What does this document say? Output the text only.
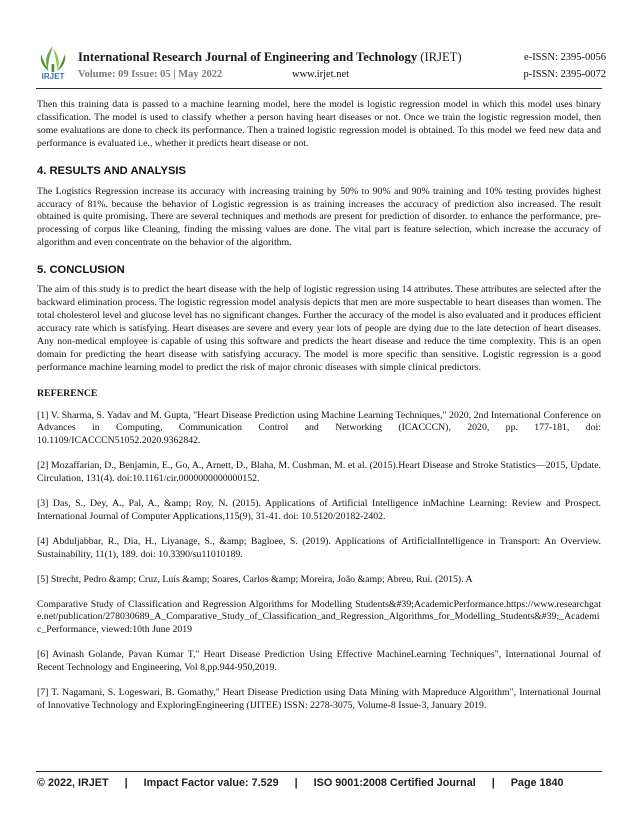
IRJET
International Research Journal of Engineering and Technology (IRJET)	e-ISSN: 2395-0056
Volume: 09 Issue: 05 | May 2022	www.irjet.net	p-ISSN: 2395-0072

Then this training data is passed to a machine learning model, here the model is logistic regression model in which this model uses binary classification. The model is used to classify whether a person having heart diseases or not. Once we train the logistic regression model, then some evaluations are done to check its performance. Then a trained logistic regression model is obtained. To this model we feed new data and performance is evaluated i.e., whether it predicts heart disease or not.

4. RESULTS AND ANALYSIS

The Logistics Regression increase its accuracy with increasing training by 50% to 90% and 90% training and 10% testing provides highest accuracy of 81%. because the behavior of Logistic regression is as training increases the accuracy of prediction also increased. The result obtained is quite promising. There are several techniques and methods are present for prediction of disorder. to enhance the performance, pre-processing of corpus like Cleaning, finding the missing values are done. The vital part is feature selection, which increase the accuracy of algorithm and even concentrate on the behavior of the algorithm.

5. CONCLUSION

The aim of this study is to predict the heart disease with the help of logistic regression using 14 attributes. These attributes are selected after the backward elimination process. The logistic regression model analysis depicts that men are more suspectable to heart diseases than women. The total cholesterol level and glucose level has no significant changes. Further the accuracy of the model is also evaluated and it produces efficient accuracy rate which is satisfying. Heart diseases are severe and every year lots of people are dying due to the late detection of heart diseases. Any non-medical employee is capable of using this software and predicts the heart disease and reduce the time complexity. This is an open domain for predicting the heart disease with satisfying accuracy. The model is more specific than sensitive. Logistic regression is a good performance machine learning model to predict the risk of major chronic diseases with simple clinical predictors.

REFERENCE

[1] V. Sharma, S. Yadav and M. Gupta, "Heart Disease Prediction using Machine Learning Techniques," 2020, 2nd International Conference on Advances in Computing, Communication Control and Networking (ICACCCN), 2020, pp. 177-181, doi: 10.1109/ICACCCN51052.2020.9362842.

[2] Mozaffarian, D., Benjamin, E., Go, A., Arnett, D., Blaha, M. Cushman, M. et al. (2015).Heart Disease and Stroke Statistics—2015, Update. Circulation, 131(4). doi:10.1161/cir.0000000000000152.

[3] Das, S., Dey, A., Pal, A., &amp; Roy, N. (2015). Applications of Artificial Intelligence inMachine Learning: Review and Prospect. International Journal of Computer Applications,115(9), 31-41. doi: 10.5120/20182-2402.

[4] Abduljabbar, R., Dia, H., Liyanage, S., &amp; Bagloee, S. (2019). Applications of ArtificialIntelligence in Transport: An Overview. Sustainability, 11(1), 189. doi: 10.3390/su11010189.

[5] Strecht, Pedro &amp; Cruz, Luís &amp; Soares, Carlos &amp; Moreira, João &amp; Abreu, Rui. (2015). A

Comparative Study of Classification and Regression Algorithms for Modelling Students&#39;AcademicPerformance.https://www.researchgate.net/publication/278030689_A_Comparative_Study_of_Classification_and_Regression_Algorithms_for_Modelling_Students&#39;_Academic_Performance, viewed:10th June 2019

[6] Avinash Golande, Pavan Kumar T," Heart Disease Prediction Using Effective MachineLearning Techniques", International Journal of Recent Technology and Engineering, Vol 8,pp.944-950,2019.

[7] T. Nagamani, S. Logeswari, B. Gomathy," Heart Disease Prediction using Data Mining with Mapreduce Algorithm", International Journal of Innovative Technology and ExploringEngineering (IJITEE) ISSN: 2278-3075, Volume-8 Issue-3, January 2019.

© 2022, IRJET | Impact Factor value: 7.529 | ISO 9001:2008 Certified Journal | Page 1840
